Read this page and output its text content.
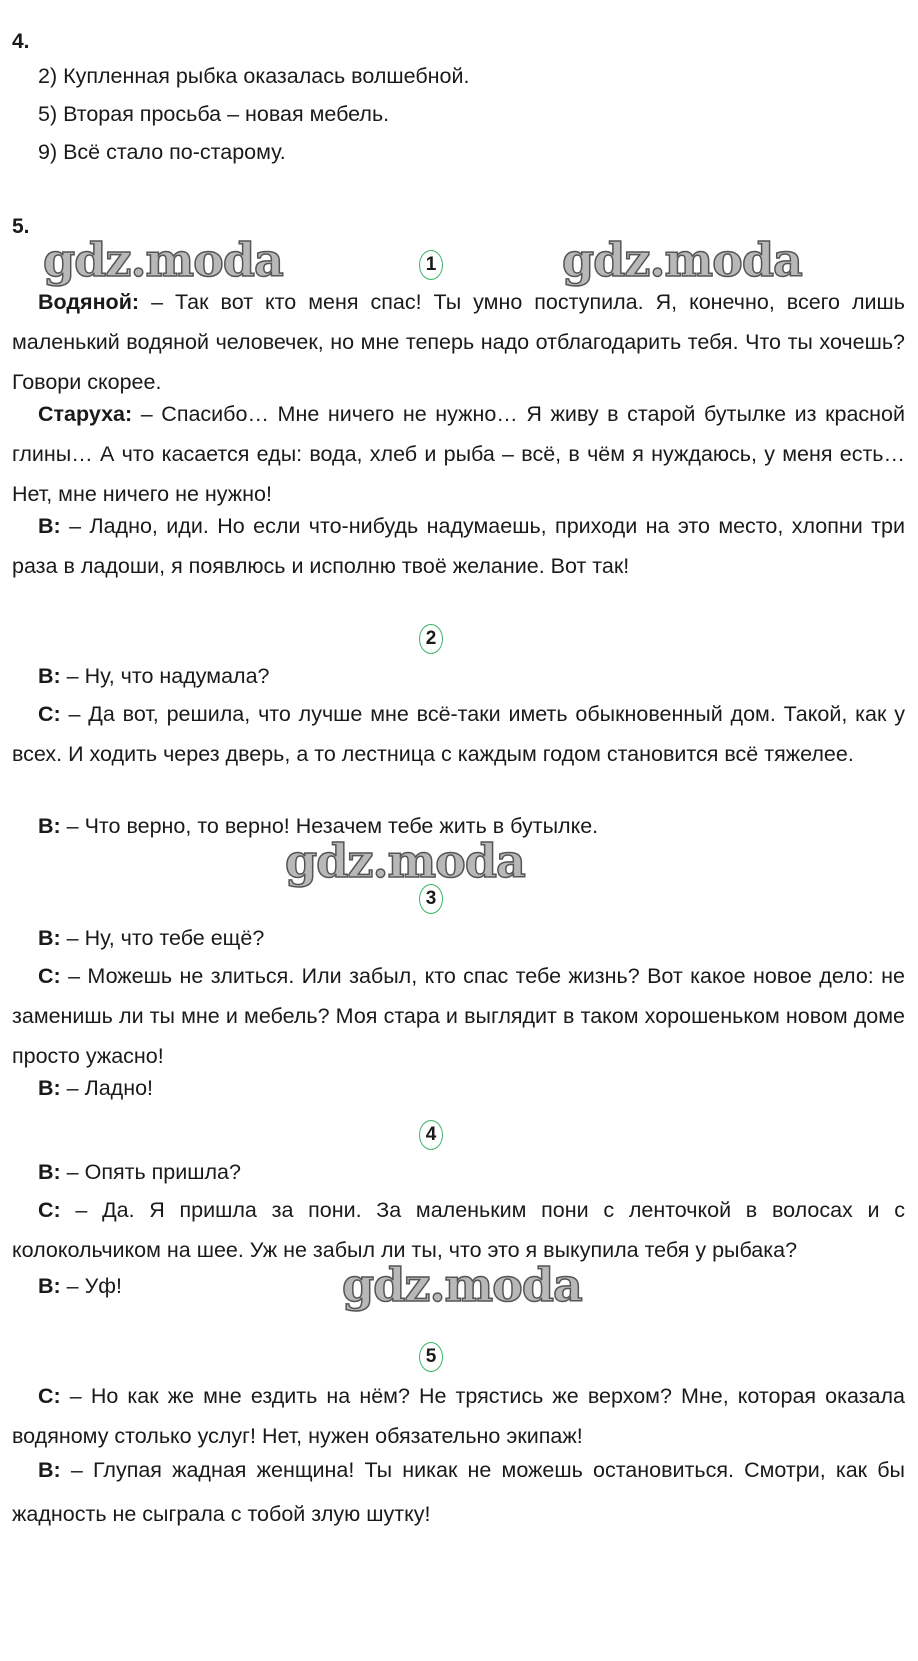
4.
2) Купленная рыбка оказалась волшебной.
5) Вторая просьба – новая мебель.
9) Всё стало по-старому.
5.
gdz.moda	gdz.moda
1
Водяной: – Так вот кто меня спас! Ты умно поступила. Я, конечно, всего лишь маленький водяной человечек, но мне теперь надо отблагодарить тебя. Что ты хочешь? Говори скорее.
Старуха: – Спасибо… Мне ничего не нужно… Я живу в старой бутылке из красной глины… А что касается еды: вода, хлеб и рыба – всё, в чём я нуждаюсь, у меня есть… Нет, мне ничего не нужно!
В: – Ладно, иди. Но если что-нибудь надумаешь, приходи на это место, хлопни три раза в ладоши, я появлюсь и исполню твоё желание. Вот так!
2
В: – Ну, что надумала?
С: – Да вот, решила, что лучше мне всё-таки иметь обыкновенный дом. Такой, как у всех. И ходить через дверь, а то лестница с каждым годом становится всё тяжелее.
В: – Что верно, то верно! Незачем тебе жить в бутылке.
gdz.moda
3
В: – Ну, что тебе ещё?
С: – Можешь не злиться. Или забыл, кто спас тебе жизнь? Вот какое новое дело: не заменишь ли ты мне и мебель? Моя стара и выглядит в таком хорошеньком новом доме просто ужасно!
В: – Ладно!
4
В: – Опять пришла?
С: – Да. Я пришла за пони. За маленьким пони с ленточкой в волосах и с колокольчиком на шее. Уж не забыл ли ты, что это я выкупила тебя у рыбака?
В: – Уф!	gdz.moda
5
С: – Но как же мне ездить на нём? Не трястись же верхом? Мне, которая оказала водяному столько услуг! Нет, нужен обязательно экипаж!
В: – Глупая жадная женщина! Ты никак не можешь остановиться. Смотри, как бы жадность не сыграла с тобой злую шутку!
